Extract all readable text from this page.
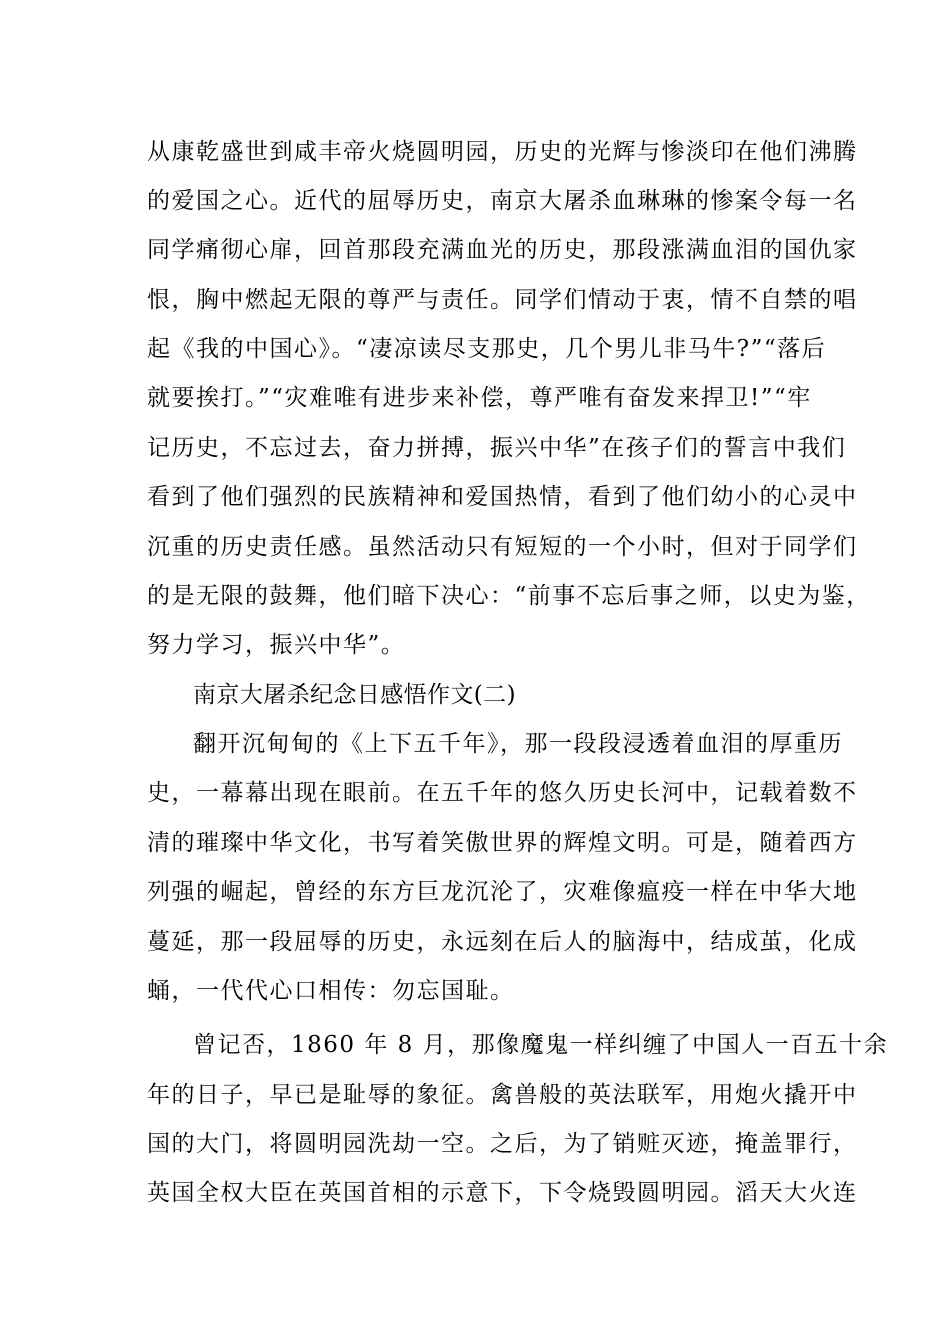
从康乾盛世到咸丰帝火烧圆明园，历史的光辉与惨淡印在他们沸腾
的爱国之心。近代的屈辱历史，南京大屠杀血琳琳的惨案令每一名
同学痛彻心扉，回首那段充满血光的历史，那段涨满血泪的国仇家
恨，胸中燃起无限的尊严与责任。同学们情动于衷，情不自禁的唱
起《我的中国心》。“凄凉读尽支那史，几个男儿非马牛?”“落后
就要挨打。”“灾难唯有进步来补偿，尊严唯有奋发来捍卫!”“牢
记历史，不忘过去，奋力拼搏，振兴中华”在孩子们的誓言中我们
看到了他们强烈的民族精神和爱国热情，看到了他们幼小的心灵中
沉重的历史责任感。虽然活动只有短短的一个小时，但对于同学们
的是无限的鼓舞，他们暗下决心：“前事不忘后事之师，以史为鉴，
努力学习，振兴中华”。
南京大屠杀纪念日感悟作文(二)
翻开沉甸甸的《上下五千年》，那一段段浸透着血泪的厚重历
史，一幕幕出现在眼前。在五千年的悠久历史长河中，记载着数不
清的璀璨中华文化，书写着笑傲世界的辉煌文明。可是，随着西方
列强的崛起，曾经的东方巨龙沉沦了，灾难像瘟疫一样在中华大地
蔓延，那一段屈辱的历史，永远刻在后人的脑海中，结成茧，化成
蛹，一代代心口相传：勿忘国耻。
曾记否，1860 年 8 月，那像魔鬼一样纠缠了中国人一百五十余
年的日子，早已是耻辱的象征。禽兽般的英法联军，用炮火撬开中
国的大门，将圆明园洗劫一空。之后，为了销赃灭迹，掩盖罪行，
英国全权大臣在英国首相的示意下，下令烧毁圆明园。滔天大火连
